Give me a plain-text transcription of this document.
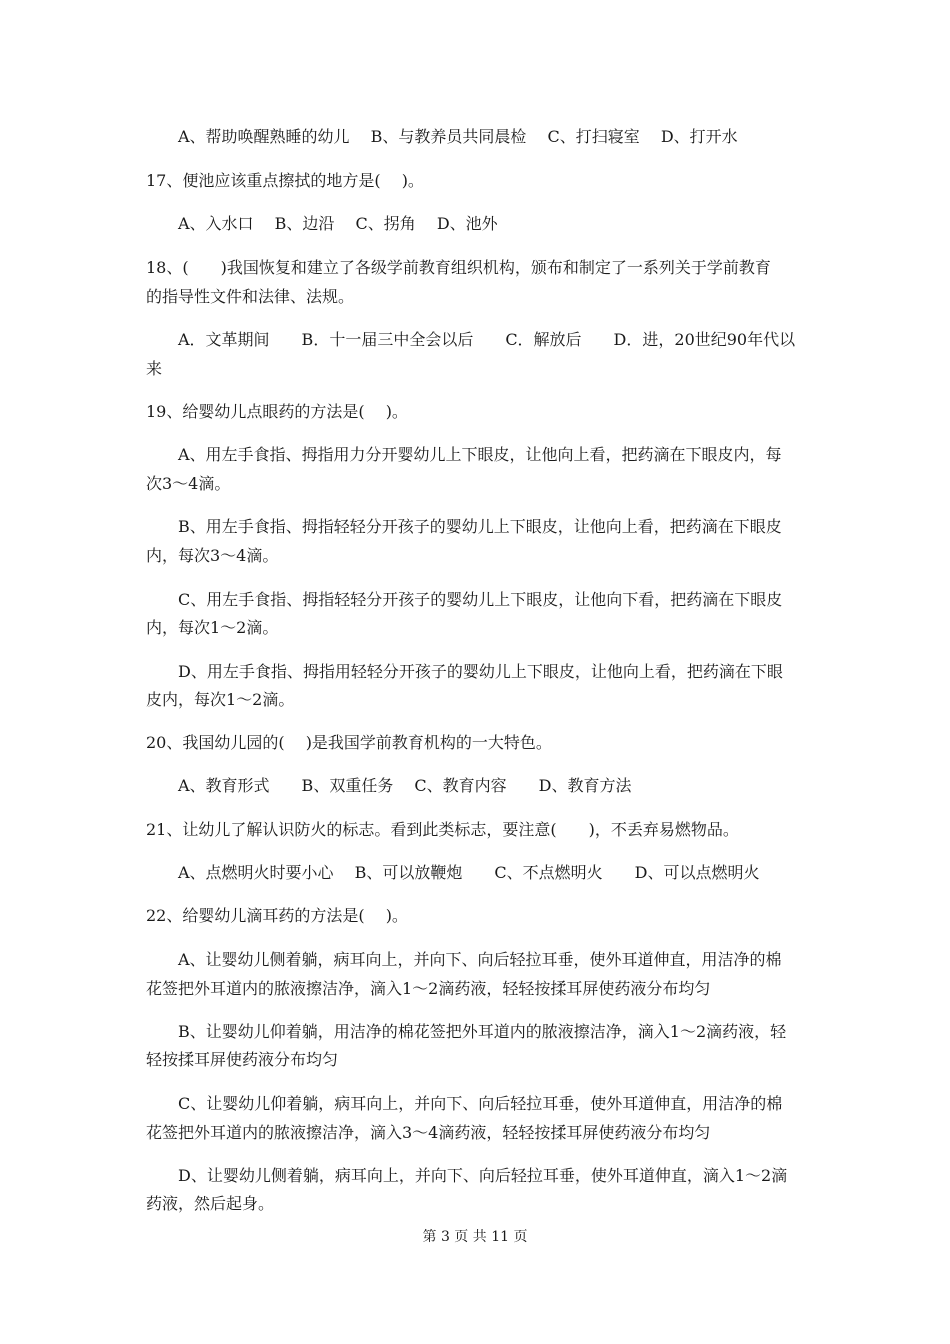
A、帮助唤醒熟睡的幼儿　 B、与教养员共同晨检　 C、打扫寝室　 D、打开水
17、便池应该重点擦拭的地方是(　 )。
A、入水口　 B、边沿　 C、拐角　 D、池外
18、(　　)我国恢复和建立了各级学前教育组织机构，颁布和制定了一系列关于学前教育
的指导性文件和法律、法规。
A．文革期间　　B．十一届三中全会以后　　C．解放后　　D．进，20世纪90年代以
来
19、给婴幼儿点眼药的方法是(　 )。
A、用左手食指、拇指用力分开婴幼儿上下眼皮，让他向上看，把药滴在下眼皮内，每
次3～4滴。
B、用左手食指、拇指轻轻分开孩子的婴幼儿上下眼皮，让他向上看，把药滴在下眼皮
内，每次3～4滴。
C、用左手食指、拇指轻轻分开孩子的婴幼儿上下眼皮，让他向下看，把药滴在下眼皮
内，每次1～2滴。
D、用左手食指、拇指用轻轻分开孩子的婴幼儿上下眼皮，让他向上看，把药滴在下眼
皮内，每次1～2滴。
20、我国幼儿园的(　 )是我国学前教育机构的一大特色。
A、教育形式　　B、双重任务　 C、教育内容　　D、教育方法
21、让幼儿了解认识防火的标志。看到此类标志，要注意(　　)，不丢弃易燃物品。
A、点燃明火时要小心　 B、可以放鞭炮　　C、不点燃明火　　D、可以点燃明火
22、给婴幼儿滴耳药的方法是(　 )。
A、让婴幼儿侧着躺，病耳向上，并向下、向后轻拉耳垂，使外耳道伸直，用洁净的棉
花签把外耳道内的脓液擦洁净，滴入1～2滴药液，轻轻按揉耳屏使药液分布均匀
B、让婴幼儿仰着躺，用洁净的棉花签把外耳道内的脓液擦洁净，滴入1～2滴药液，轻
轻按揉耳屏使药液分布均匀
C、让婴幼儿仰着躺，病耳向上，并向下、向后轻拉耳垂，使外耳道伸直，用洁净的棉
花签把外耳道内的脓液擦洁净，滴入3～4滴药液，轻轻按揉耳屏使药液分布均匀
D、让婴幼儿侧着躺，病耳向上，并向下、向后轻拉耳垂，使外耳道伸直，滴入1～2滴
药液，然后起身。
第 3 页 共 11 页
